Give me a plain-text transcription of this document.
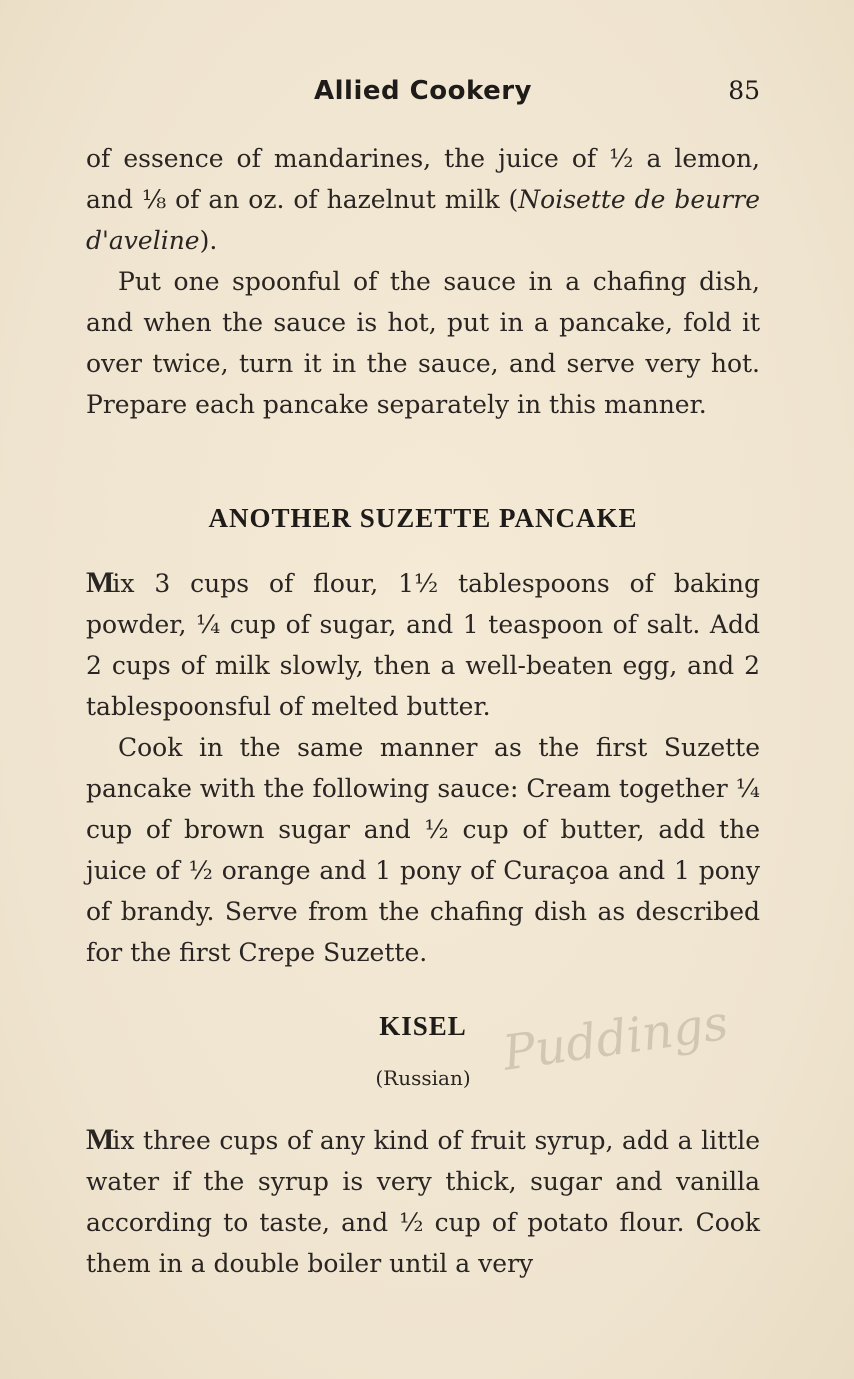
Allied Cookery	85

of essence of mandarines, the juice of ½ a lemon, and ⅛ of an oz. of hazelnut milk (Noisette de beurre d'aveline).

Put one spoonful of the sauce in a chafing dish, and when the sauce is hot, put in a pancake, fold it over twice, turn it in the sauce, and serve very hot. Prepare each pancake separately in this manner.

ANOTHER SUZETTE PANCAKE

Mix 3 cups of flour, 1½ tablespoons of baking powder, ¼ cup of sugar, and 1 teaspoon of salt. Add 2 cups of milk slowly, then a well-beaten egg, and 2 tablespoonsful of melted butter.

Cook in the same manner as the first Suzette pancake with the following sauce: Cream together ¼ cup of brown sugar and ½ cup of butter, add the juice of ½ orange and 1 pony of Curaçoa and 1 pony of brandy. Serve from the chafing dish as described for the first Crepe Suzette.

KISEL
(Russian)

Mix three cups of any kind of fruit syrup, add a little water if the syrup is very thick, sugar and vanilla according to taste, and ½ cup of potato flour. Cook them in a double boiler until a very

Puddings
